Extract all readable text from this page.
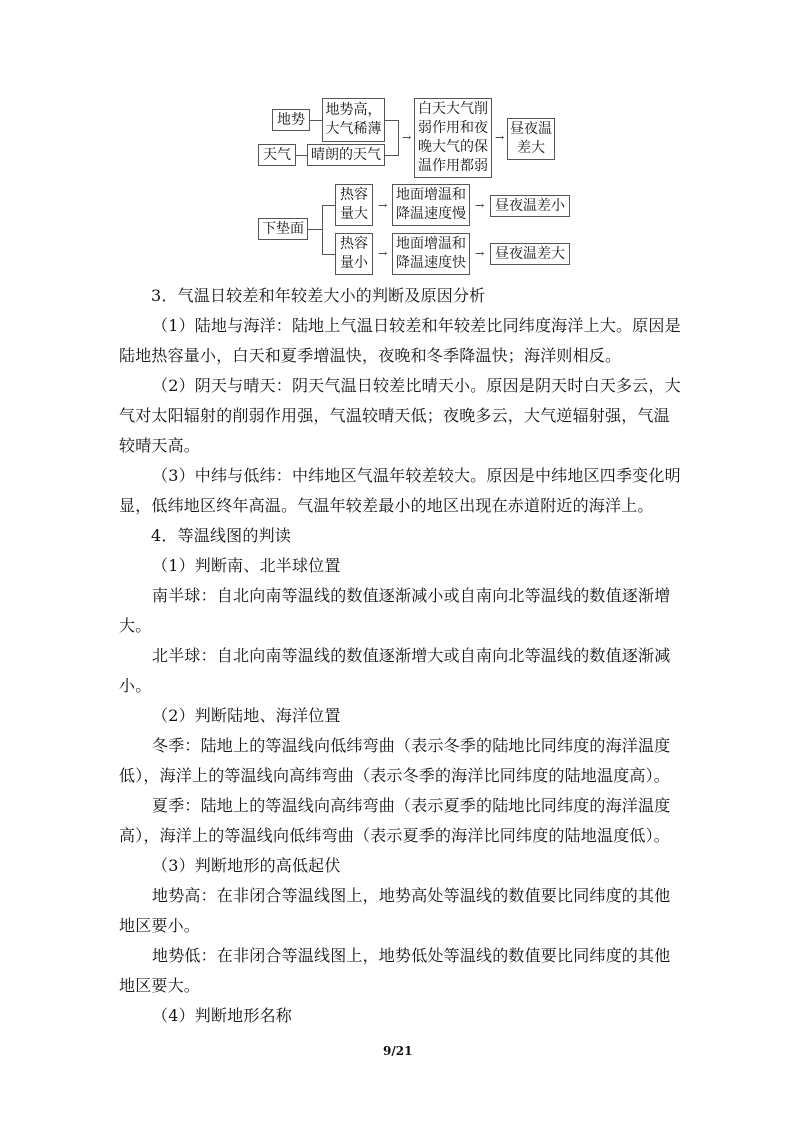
地势
地势高，
大气稀薄
天气	晴朗的天气
→
白天大气削
弱作用和夜
晚大气的保
温作用都弱
→
昼夜温
差大
下垫面
热容
量大
→
地面增温和
降温速度慢
→ 昼夜温差小
热容
量小
→
地面增温和
降温速度快
→ 昼夜温差大
3．气温日较差和年较差大小的判断及原因分析
（1）陆地与海洋：陆地上气温日较差和年较差比同纬度海洋上大。原因是
陆地热容量小，白天和夏季增温快，夜晚和冬季降温快；海洋则相反。
（2）阴天与晴天：阴天气温日较差比晴天小。原因是阴天时白天多云，大
气对太阳辐射的削弱作用强，气温较晴天低；夜晚多云，大气逆辐射强，气温
较晴天高。
（3）中纬与低纬：中纬地区气温年较差较大。原因是中纬地区四季变化明
显，低纬地区终年高温。气温年较差最小的地区出现在赤道附近的海洋上。
4．等温线图的判读
（1）判断南、北半球位置
南半球：自北向南等温线的数值逐渐减小或自南向北等温线的数值逐渐增
大。
北半球：自北向南等温线的数值逐渐增大或自南向北等温线的数值逐渐减
小。
（2）判断陆地、海洋位置
冬季：陆地上的等温线向低纬弯曲（表示冬季的陆地比同纬度的海洋温度
低），海洋上的等温线向高纬弯曲（表示冬季的海洋比同纬度的陆地温度高）。
夏季：陆地上的等温线向高纬弯曲（表示夏季的陆地比同纬度的海洋温度
高），海洋上的等温线向低纬弯曲（表示夏季的海洋比同纬度的陆地温度低）。
（3）判断地形的高低起伏
地势高：在非闭合等温线图上，地势高处等温线的数值要比同纬度的其他
地区要小。
地势低：在非闭合等温线图上，地势低处等温线的数值要比同纬度的其他
地区要大。
（4）判断地形名称
9/21
